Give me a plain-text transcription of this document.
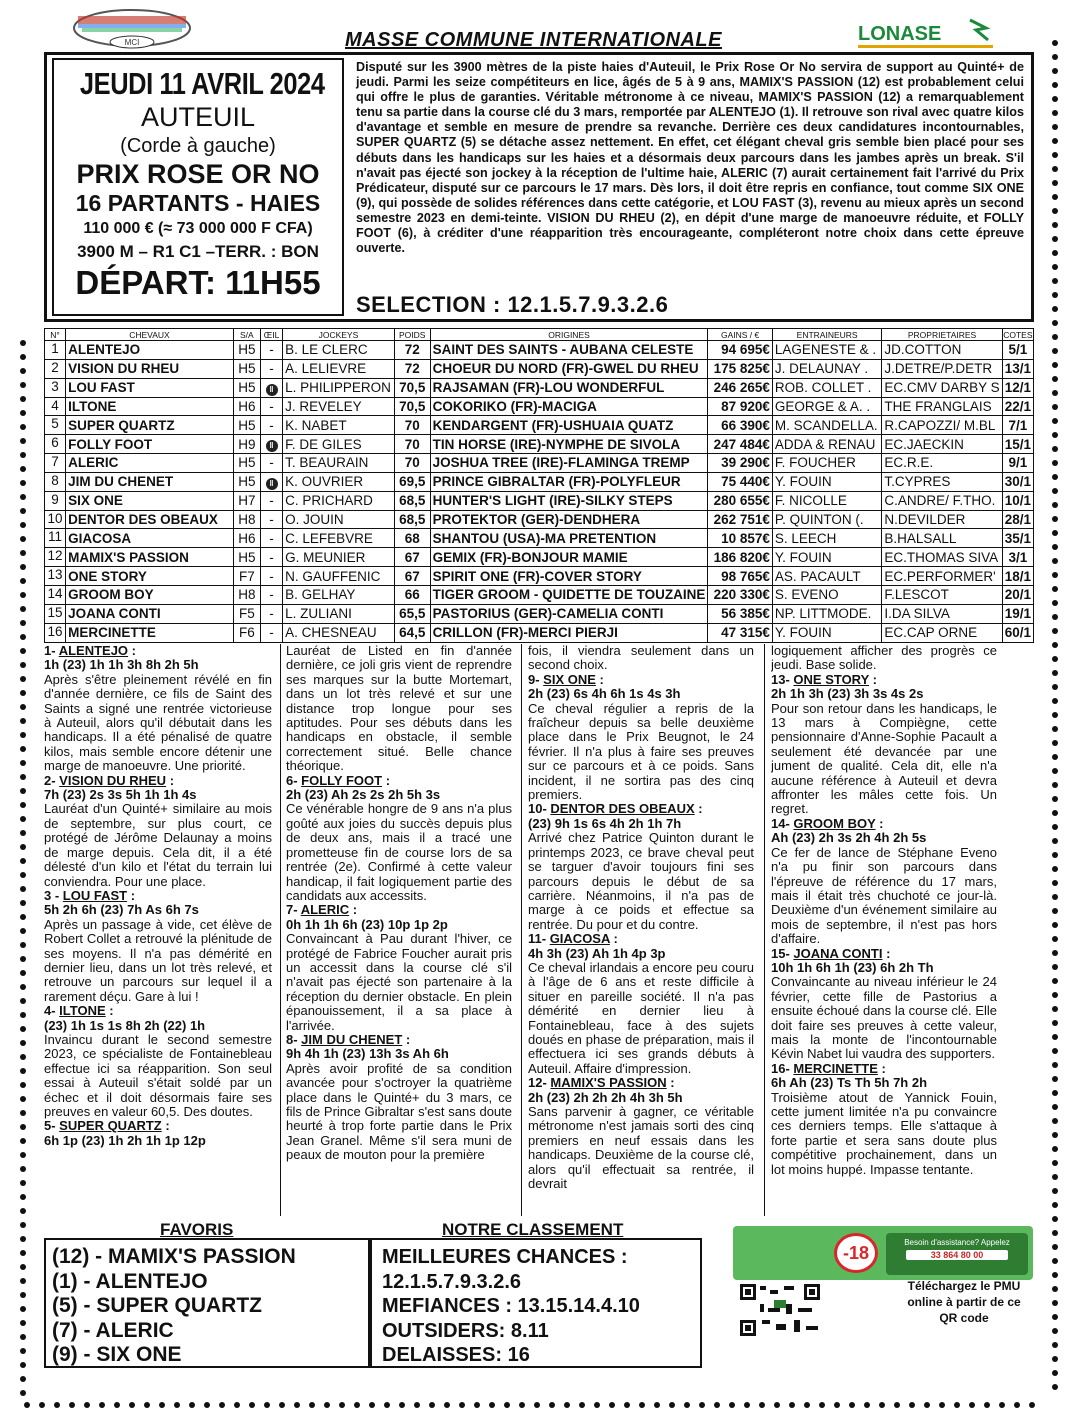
MCI	LONASE
MASSE COMMUNE INTERNATIONALE
JEUDI 11 AVRIL 2024
AUTEUIL
(Corde à gauche)
PRIX ROSE OR NO
16 PARTANTS - HAIES
110 000 € (≈ 73 000 000 F CFA)
3900 M – R1 C1 –TERR. : BON
DÉPART: 11H55
Disputé sur les 3900 mètres de la piste haies d'Auteuil, le Prix Rose Or No servira de support au Quinté+ de jeudi. Parmi les seize compétiteurs en lice, âgés de 5 à 9 ans, MAMIX'S PASSION (12) est probablement celui qui offre le plus de garanties. Véritable métronome à ce niveau, MAMIX'S PASSION (12) a remarquablement tenu sa partie dans la course clé du 3 mars, remportée par ALENTEJO (1). Il retrouve son rival avec quatre kilos d'avantage et semble en mesure de prendre sa revanche. Derrière ces deux candidatures incontournables, SUPER QUARTZ (5) se détache assez nettement. En effet, cet élégant cheval gris semble bien placé pour ses débuts dans les handicaps sur les haies et a désormais deux parcours dans les jambes après un break. S'il n'avait pas éjecté son jockey à la réception de l'ultime haie, ALERIC (7) aurait certainement fait l'arrivé du Prix Prédicateur, disputé sur ce parcours le 17 mars. Dès lors, il doit être repris en confiance, tout comme SIX ONE (9), qui possède de solides références dans cette catégorie, et LOU FAST (3), revenu au mieux après un second semestre 2023 en demi-teinte. VISION DU RHEU (2), en dépit d'une marge de manoeuvre réduite, et FOLLY FOOT (6), à créditer d'une réapparition très encourageante, compléteront notre choix dans cette épreuve ouverte.
SELECTION : 12.1.5.7.9.3.2.6
N°	CHEVAUX	S/A	ŒIL	JOCKEYS	POIDS	ORIGINES	GAINS / €	ENTRAINEURS	PROPRIETAIRES	COTES
1	ALENTEJO	H5	-	B. LE CLERC	72	SAINT DES SAINTS - AUBANA CELESTE	94 695€	LAGENESTE & .	JD.COTTON	5/1
2	VISION DU RHEU	H5	-	A. LELIEVRE	72	CHOEUR DU NORD (FR)-GWEL DU RHEU	175 825€	J. DELAUNAY .	J.DETRE/P.DETR	13/1
3	LOU FAST	H5	‖	L. PHILIPPERON	70,5	RAJSAMAN (FR)-LOU WONDERFUL	246 265€	ROB. COLLET .	EC.CMV DARBY S	12/1
4	ILTONE	H6	-	J. REVELEY	70,5	COKORIKO (FR)-MACIGA	87 920€	GEORGE & A. .	THE FRANGLAIS	22/1
5	SUPER QUARTZ	H5	-	K. NABET	70	KENDARGENT (FR)-USHUAIA QUATZ	66 390€	M. SCANDELLA.	R.CAPOZZI/ M.BL	7/1
6	FOLLY FOOT	H9	‖	F. DE GILES	70	TIN HORSE (IRE)-NYMPHE DE SIVOLA	247 484€	ADDA & RENAU	EC.JAECKIN	15/1
7	ALERIC	H5	-	T. BEAURAIN	70	JOSHUA TREE (IRE)-FLAMINGA TREMP	39 290€	F. FOUCHER	EC.R.E.	9/1
8	JIM DU CHENET	H5	‖	K. OUVRIER	69,5	PRINCE GIBRALTAR (FR)-POLYFLEUR	75 440€	Y. FOUIN	T.CYPRES	30/1
9	SIX ONE	H7	-	C. PRICHARD	68,5	HUNTER'S LIGHT (IRE)-SILKY STEPS	280 655€	F. NICOLLE	C.ANDRE/ F.THO.	10/1
10	DENTOR DES OBEAUX	H8	-	O. JOUIN	68,5	PROTEKTOR (GER)-DENDHERA	262 751€	P. QUINTON (.	N.DEVILDER	28/1
11	GIACOSA	H6	-	C. LEFEBVRE	68	SHANTOU (USA)-MA PRETENTION	10 857€	S. LEECH	B.HALSALL	35/1
12	MAMIX'S PASSION	H5	-	G. MEUNIER	67	GEMIX (FR)-BONJOUR MAMIE	186 820€	Y. FOUIN	EC.THOMAS SIVA	3/1
13	ONE STORY	F7	-	N. GAUFFENIC	67	SPIRIT ONE (FR)-COVER STORY	98 765€	AS. PACAULT	EC.PERFORMER'	18/1
14	GROOM BOY	H8	-	B. GELHAY	66	TIGER GROOM - QUIDETTE DE TOUZAINE	220 330€	S. EVENO	F.LESCOT	20/1
15	JOANA CONTI	F5	-	L. ZULIANI	65,5	PASTORIUS (GER)-CAMELIA CONTI	56 385€	NP. LITTMODE.	I.DA SILVA	19/1
16	MERCINETTE	F6	-	A. CHESNEAU	64,5	CRILLON (FR)-MERCI PIERJI	47 315€	Y. FOUIN	EC.CAP ORNE	60/1
1- ALENTEJO :
1h (23) 1h 1h 3h 8h 2h 5h
Après s'être pleinement révélé en fin d'année dernière, ce fils de Saint des Saints a signé une rentrée victorieuse à Auteuil, alors qu'il débutait dans les handicaps. Il a été pénalisé de quatre kilos, mais semble encore détenir une marge de manoeuvre. Une priorité.
2- VISION DU RHEU :
7h (23) 2s 3s 5h 1h 1h 4s
Lauréat d'un Quinté+ similaire au mois de septembre, sur plus court, ce protégé de Jérôme Delaunay a moins de marge depuis. Cela dit, il a été délesté d'un kilo et l'état du terrain lui conviendra. Pour une place.
3 - LOU FAST :
5h 2h 6h (23) 7h As 6h 7s
Après un passage à vide, cet élève de Robert Collet a retrouvé la plénitude de ses moyens. Il n'a pas démérité en dernier lieu, dans un lot très relevé, et retrouve un parcours sur lequel il a rarement déçu. Gare à lui !
4- ILTONE :
(23) 1h 1s 1s 8h 2h (22) 1h
Invaincu durant le second semestre 2023, ce spécialiste de Fontainebleau effectue ici sa réapparition. Son seul essai à Auteuil s'était soldé par un échec et il doit désormais faire ses preuves en valeur 60,5. Des doutes.
5- SUPER QUARTZ :
6h 1p (23) 1h 2h 1h 1p 12p
Lauréat de Listed en fin d'année dernière, ce joli gris vient de reprendre ses marques sur la butte Mortemart, dans un lot très relevé et sur une distance trop longue pour ses aptitudes. Pour ses débuts dans les handicaps en obstacle, il semble correctement situé. Belle chance théorique.
6- FOLLY FOOT :
2h (23) Ah 2s 2s 2h 5h 3s
Ce vénérable hongre de 9 ans n'a plus goûté aux joies du succès depuis plus de deux ans, mais il a tracé une prometteuse fin de course lors de sa rentrée (2e). Confirmé à cette valeur handicap, il fait logiquement partie des candidats aux accessits.
7- ALERIC :
0h 1h 1h 6h (23) 10p 1p 2p
Convaincant à Pau durant l'hiver, ce protégé de Fabrice Foucher aurait pris un accessit dans la course clé s'il n'avait pas éjecté son partenaire à la réception du dernier obstacle. En plein épanouissement, il a sa place à l'arrivée.
8- JIM DU CHENET :
9h 4h 1h (23) 13h 3s Ah 6h
Après avoir profité de sa condition avancée pour s'octroyer la quatrième place dans le Quinté+ du 3 mars, ce fils de Prince Gibraltar s'est sans doute heurté à trop forte partie dans le Prix Jean Granel. Même s'il sera muni de peaux de mouton pour la première
fois, il viendra seulement dans un second choix.
9- SIX ONE :
2h (23) 6s 4h 6h 1s 4s 3h
Ce cheval régulier a repris de la fraîcheur depuis sa belle deuxième place dans le Prix Beugnot, le 24 février. Il n'a plus à faire ses preuves sur ce parcours et à ce poids. Sans incident, il ne sortira pas des cinq premiers.
10- DENTOR DES OBEAUX :
(23) 9h 1s 6s 4h 2h 1h 7h
Arrivé chez Patrice Quinton durant le printemps 2023, ce brave cheval peut se targuer d'avoir toujours fini ses parcours depuis le début de sa carrière. Néanmoins, il n'a pas de marge à ce poids et effectue sa rentrée. Du pour et du contre.
11- GIACOSA :
4h 3h (23) Ah 1h 4p 3p
Ce cheval irlandais a encore peu couru à l'âge de 6 ans et reste difficile à situer en pareille société. Il n'a pas démérité en dernier lieu à Fontainebleau, face à des sujets doués en phase de préparation, mais il effectuera ici ses grands débuts à Auteuil. Affaire d'impression.
12- MAMIX'S PASSION :
2h (23) 2h 2h 2h 4h 3h 5h
Sans parvenir à gagner, ce véritable métronome n'est jamais sorti des cinq premiers en neuf essais dans les handicaps. Deuxième de la course clé, alors qu'il effectuait sa rentrée, il devrait
logiquement afficher des progrès ce jeudi. Base solide.
13- ONE STORY :
2h 1h 3h (23) 3h 3s 4s 2s
Pour son retour dans les handicaps, le 13 mars à Compiègne, cette pensionnaire d'Anne-Sophie Pacault a seulement été devancée par une jument de qualité. Cela dit, elle n'a aucune référence à Auteuil et devra affronter les mâles cette fois. Un regret.
14- GROOM BOY :
Ah (23) 2h 3s 2h 4h 2h 5s
Ce fer de lance de Stéphane Eveno n'a pu finir son parcours dans l'épreuve de référence du 17 mars, mais il était très chuchoté ce jour-là. Deuxième d'un événement similaire au mois de septembre, il n'est pas hors d'affaire.
15- JOANA CONTI :
10h 1h 6h 1h (23) 6h 2h Th
Convaincante au niveau inférieur le 24 février, cette fille de Pastorius a ensuite échoué dans la course clé. Elle doit faire ses preuves à cette valeur, mais la monte de l'incontournable Kévin Nabet lui vaudra des supporters.
16- MERCINETTE :
6h Ah (23) Ts Th 5h 7h 2h
Troisième atout de Yannick Fouin, cette jument limitée n'a pu convaincre ces derniers temps. Elle s'attaque à forte partie et sera sans doute plus compétitive prochainement, dans un lot moins huppé. Impasse tentante.
FAVORIS
(12) - MAMIX'S PASSION
(1) - ALENTEJO
(5) - SUPER QUARTZ
(7) - ALERIC
(9) - SIX ONE
NOTRE CLASSEMENT
MEILLEURES CHANCES :
12.1.5.7.9.3.2.6
MEFIANCES : 13.15.14.4.10
OUTSIDERS: 8.11
DELAISSES: 16
-18
Besoin d'assistance? Appelez
33 864 80 00
Téléchargez le PMU online à partir de ce QR code
